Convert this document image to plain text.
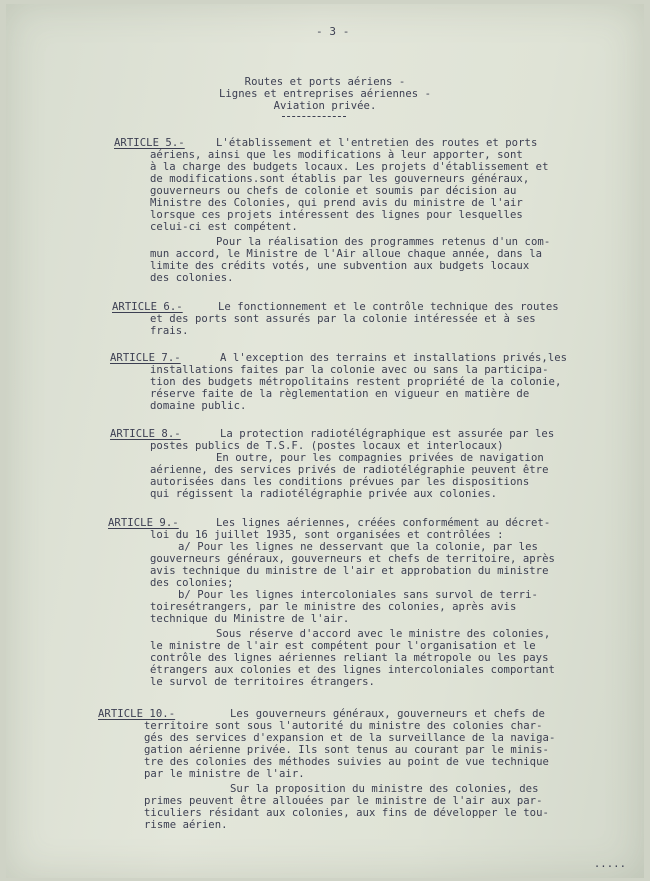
- 3 -
Routes et ports aériens -
Lignes et entreprises aériennes -
Aviation privée.
ARTICLE 5.-	L'établissement et l'entretien des routes et ports
aériens, ainsi que les modifications à leur apporter, sont
à la charge des budgets locaux. Les projets d'établissement et
de modifications.sont établis par les gouverneurs généraux,
gouverneurs ou chefs de colonie et soumis par décision au
Ministre des Colonies, qui prend avis du ministre de l'air
lorsque ces projets intéressent des lignes pour lesquelles
celui-ci est compétent.
Pour la réalisation des programmes retenus d'un com-
mun accord, le Ministre de l'Air alloue chaque année, dans la
limite des crédits votés, une subvention aux budgets locaux
des colonies.
ARTICLE 6.-	Le fonctionnement et le contrôle technique des routes
et des ports sont assurés par la colonie intéressée et à ses
frais.
ARTICLE 7.-	A l'exception des terrains et installations privés,les
installations faites par la colonie avec ou sans la participa-
tion des budgets métropolitains restent propriété de la colonie,
réserve faite de la règlementation en vigueur en matière de
domaine public.
ARTICLE 8.-	La protection radiotélégraphique est assurée par les
postes publics de T.S.F. (postes locaux et interlocaux)
En outre, pour les compagnies privées de navigation
aérienne, des services privés de radiotélégraphie peuvent être
autorisées dans les conditions prévues par les dispositions
qui régissent la radiotélégraphie privée aux colonies.
ARTICLE 9.-	Les lignes aériennes, créées conformément au décret-
loi du 16 juillet 1935, sont organisées et contrôlées :
a/ Pour les lignes ne desservant que la colonie, par les
gouverneurs généraux, gouverneurs et chefs de territoire, après
avis technique du ministre de l'air et approbation du ministre
des colonies;
b/ Pour les lignes intercoloniales sans survol de terri-
toiresétrangers, par le ministre des colonies, après avis
technique du Ministre de l'air.
Sous réserve d'accord avec le ministre des colonies,
le ministre de l'air est compétent pour l'organisation et le
contrôle des lignes aériennes reliant la métropole ou les pays
étrangers aux colonies et des lignes intercoloniales comportant
le survol de territoires étrangers.
ARTICLE 10.-	Les gouverneurs généraux, gouverneurs et chefs de
territoire sont sous l'autorité du ministre des colonies char-
gés des services d'expansion et de la surveillance de la naviga-
gation aérienne privée. Ils sont tenus au courant par le minis-
tre des colonies des méthodes suivies au point de vue technique
par le ministre de l'air.
Sur la proposition du ministre des colonies, des
primes peuvent être allouées par le ministre de l'air aux par-
ticuliers résidant aux colonies, aux fins de développer le tou-
risme aérien.
.....
